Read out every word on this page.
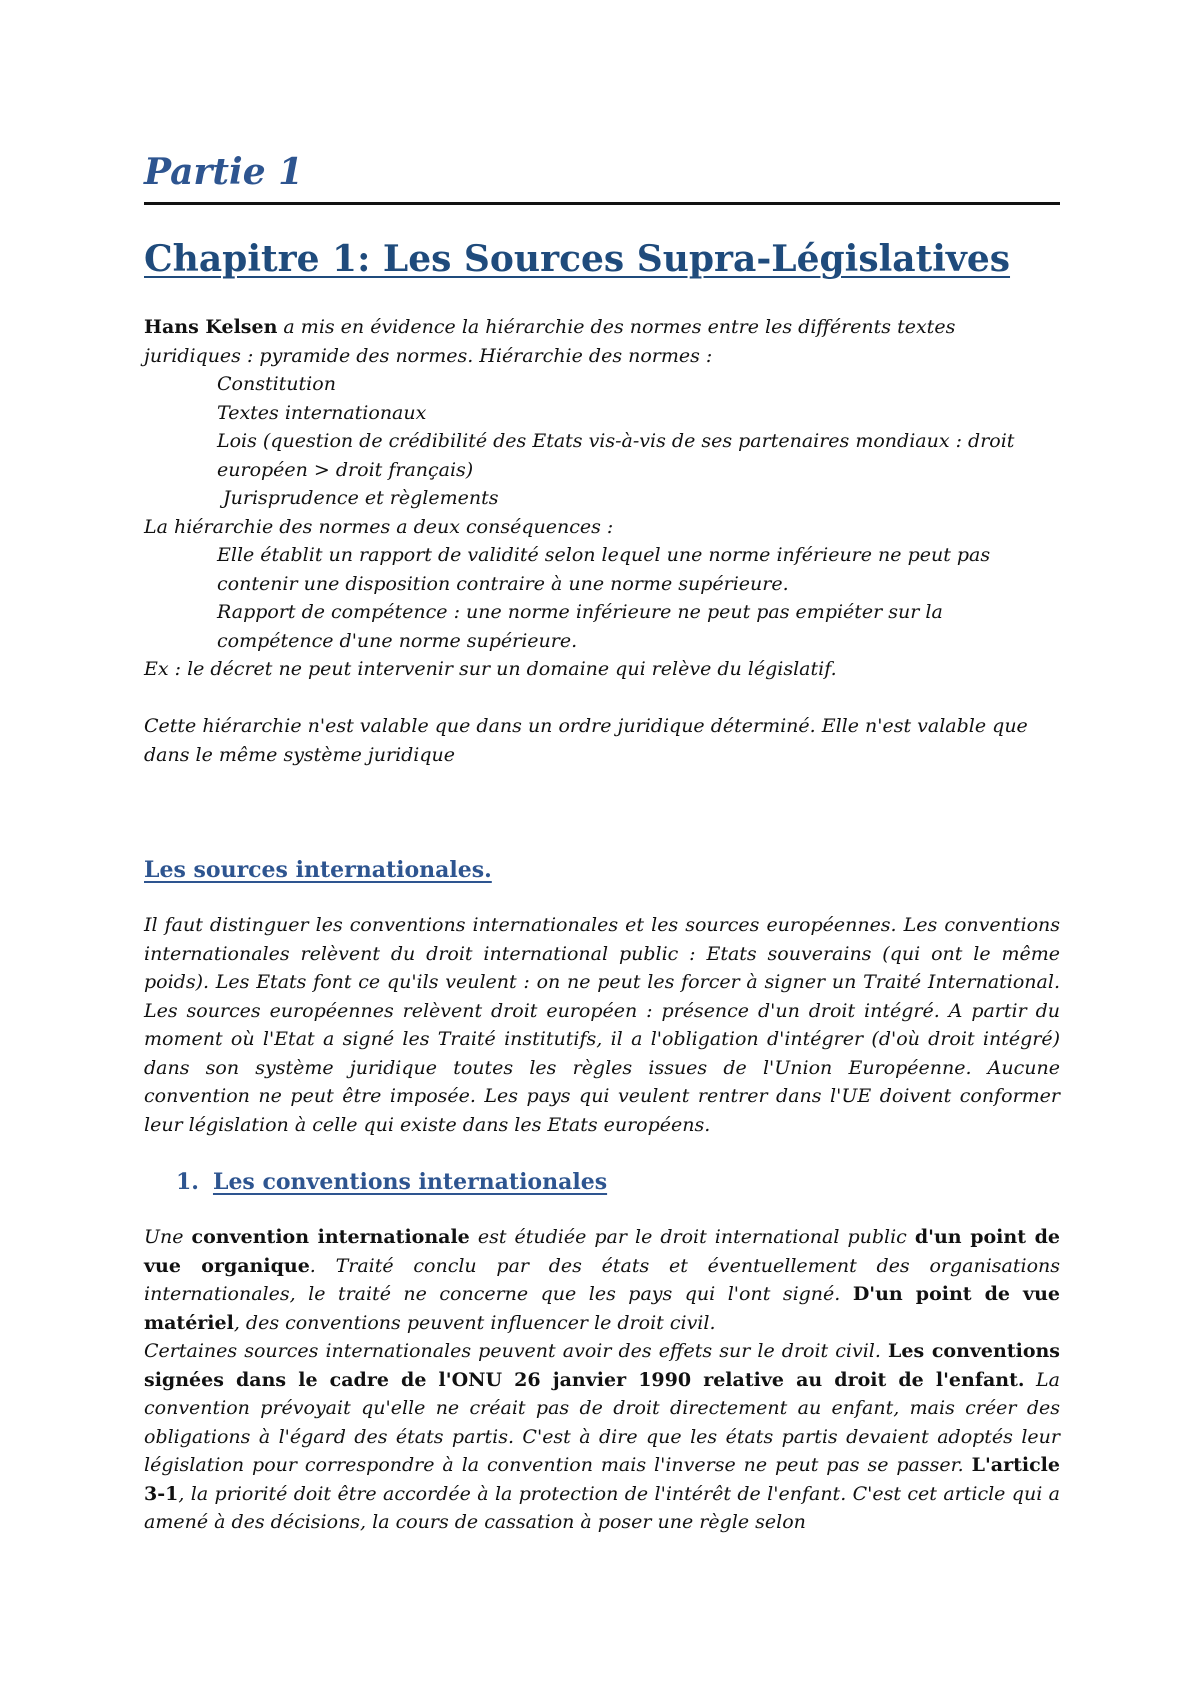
Partie 1
Chapitre 1: Les Sources Supra-Législatives

Hans Kelsen a mis en évidence la hiérarchie des normes entre les différents textes

juridiques : pyramide des normes. Hiérarchie des normes :

Constitution

Textes internationaux

Lois (question de crédibilité des Etats vis-à-vis de ses partenaires mondiaux : droit

européen > droit français)

Jurisprudence et règlements

La hiérarchie des normes a deux conséquences :

Elle établit un rapport de validité selon lequel une norme inférieure ne peut pas

contenir une disposition contraire à une norme supérieure.

Rapport de compétence : une norme inférieure ne peut pas empiéter sur la

compétence d'une norme supérieure.

Ex : le décret ne peut intervenir sur un domaine qui relève du législatif.

Cette hiérarchie n'est valable que dans un ordre juridique déterminé. Elle n'est valable que

dans le même système juridique

Les sources internationales.

Il faut distinguer les conventions internationales et les sources européennes. Les conventions internationales relèvent du droit international public : Etats souverains (qui ont le même poids). Les Etats font ce qu'ils veulent : on ne peut les forcer à signer un Traité International. Les sources européennes relèvent droit européen : présence d'un droit intégré. A partir du moment où l'Etat a signé les Traité institutifs, il a l'obligation d'intégrer (d'où droit intégré) dans son système juridique toutes les règles issues de l'Union Européenne. Aucune convention ne peut être imposée. Les pays qui veulent rentrer dans l'UE doivent conformer leur législation à celle qui existe dans les Etats européens.

1. Les conventions internationales

Une convention internationale est étudiée par le droit international public d'un point de vue organique. Traité conclu par des états et éventuellement des organisations internationales, le traité ne concerne que les pays qui l'ont signé. D'un point de vue matériel, des conventions peuvent influencer le droit civil.

Certaines sources internationales peuvent avoir des effets sur le droit civil. Les conventions signées dans le cadre de l'ONU 26 janvier 1990 relative au droit de l'enfant. La convention prévoyait qu'elle ne créait pas de droit directement au enfant, mais créer des obligations à l'égard des états partis. C'est à dire que les états partis devaient adoptés leur législation pour correspondre à la convention mais l'inverse ne peut pas se passer. L'article 3-1, la priorité doit être accordée à la protection de l'intérêt de l'enfant. C'est cet article qui a amené à des décisions, la cours de cassation à poser une règle selon
